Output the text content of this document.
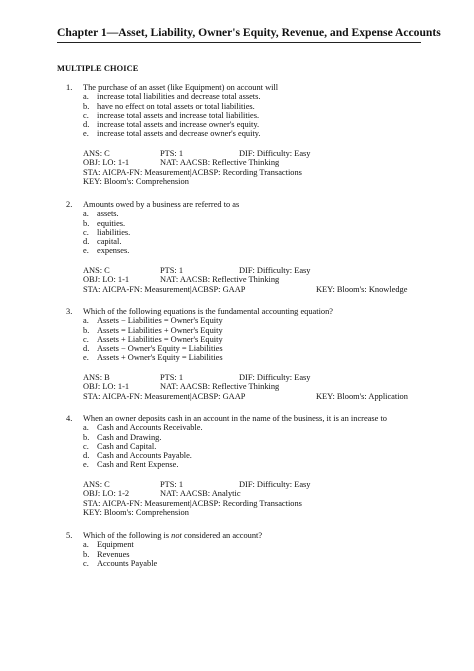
Chapter 1—Asset, Liability, Owner's Equity, Revenue, and Expense Accounts
MULTIPLE CHOICE
1. The purchase of an asset (like Equipment) on account will
a. increase total liabilities and decrease total assets.
b. have no effect on total assets or total liabilities.
c. increase total assets and increase total liabilities.
d. increase total assets and increase owner's equity.
e. increase total assets and decrease owner's equity.
ANS: C	PTS: 1	DIF: Difficulty: Easy
OBJ: LO: 1-1	NAT: AACSB: Reflective Thinking
STA: AICPA-FN: Measurement|ACBSP: Recording Transactions
KEY: Bloom's: Comprehension
2. Amounts owed by a business are referred to as
a. assets.
b. equities.
c. liabilities.
d. capital.
e. expenses.
ANS: C	PTS: 1	DIF: Difficulty: Easy
OBJ: LO: 1-1	NAT: AACSB: Reflective Thinking
STA: AICPA-FN: Measurement|ACBSP: GAAP	KEY: Bloom's: Knowledge
3. Which of the following equations is the fundamental accounting equation?
a. Assets − Liabilities = Owner's Equity
b. Assets = Liabilities + Owner's Equity
c. Assets + Liabilities = Owner's Equity
d. Assets − Owner's Equity = Liabilities
e. Assets + Owner's Equity = Liabilities
ANS: B	PTS: 1	DIF: Difficulty: Easy
OBJ: LO: 1-1	NAT: AACSB: Reflective Thinking
STA: AICPA-FN: Measurement|ACBSP: GAAP	KEY: Bloom's: Application
4. When an owner deposits cash in an account in the name of the business, it is an increase to
a. Cash and Accounts Receivable.
b. Cash and Drawing.
c. Cash and Capital.
d. Cash and Accounts Payable.
e. Cash and Rent Expense.
ANS: C	PTS: 1	DIF: Difficulty: Easy
OBJ: LO: 1-2	NAT: AACSB: Analytic
STA: AICPA-FN: Measurement|ACBSP: Recording Transactions
KEY: Bloom's: Comprehension
5. Which of the following is not considered an account?
a. Equipment
b. Revenues
c. Accounts Payable
